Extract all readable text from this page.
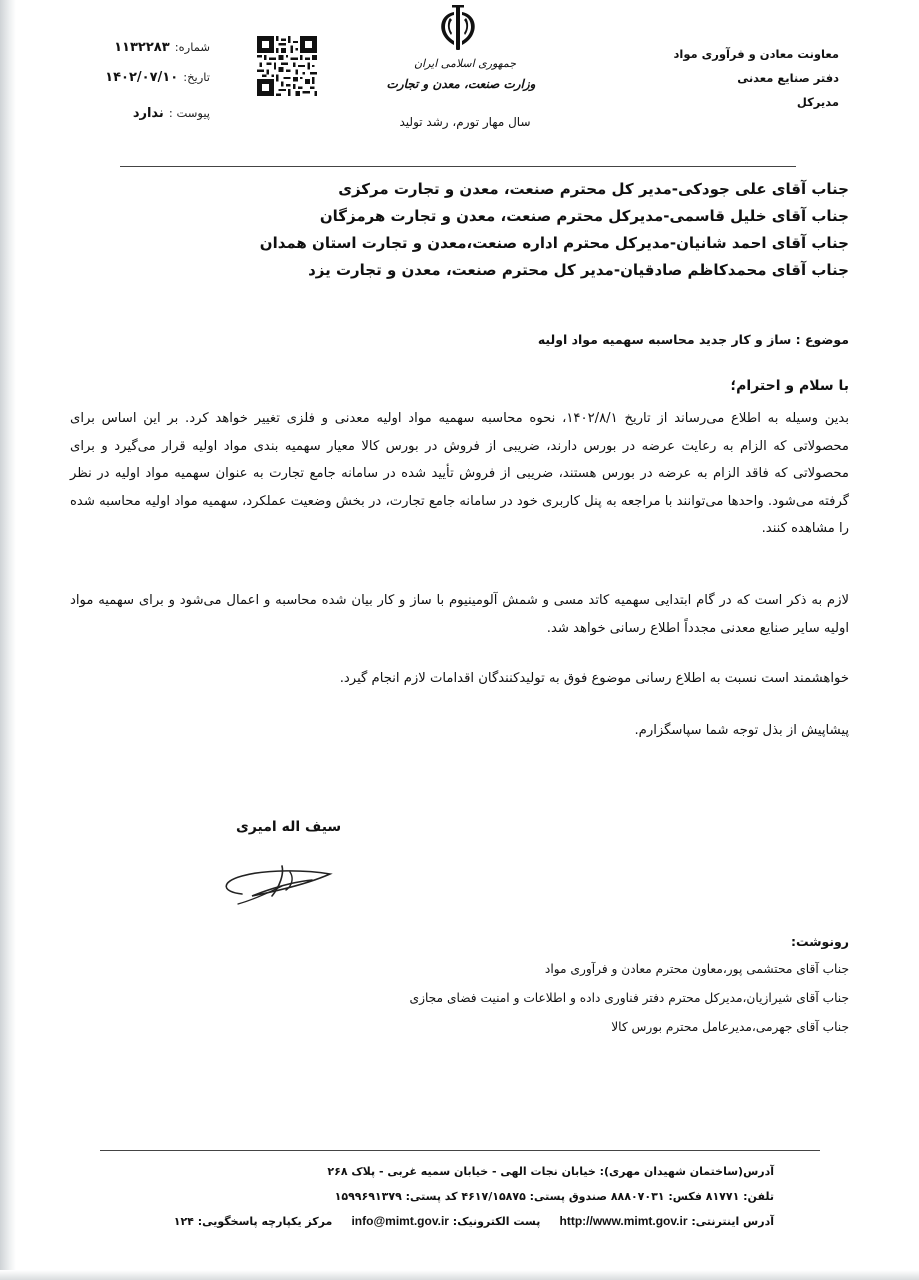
معاونت معادن و فرآوری مواد
دفتر صنایع معدنی
مدیرکل
جمهوری اسلامی ایران
وزارت صنعت، معدن و تجارت
سال مهار تورم، رشد تولید
شماره: ۱۱۳۲۲۸۳
تاریخ: ۱۴۰۲/۰۷/۱۰
پیوست : ندارد
جناب آقای علی جودکی-مدیر کل محترم صنعت، معدن و تجارت مرکزی
جناب آقای خلیل قاسمی-مدیرکل محترم صنعت، معدن و تجارت هرمزگان
جناب آقای احمد شانیان-مدیرکل محترم اداره صنعت،معدن و تجارت استان همدان
جناب آقای محمدکاظم صادقیان-مدیر کل محترم صنعت، معدن و تجارت یزد
موضوع : ساز و کار جدید محاسبه سهمیه مواد اولیه
با سلام و احترام؛
بدین وسیله به اطلاع می‌رساند از تاریخ ۱۴۰۲/۸/۱، نحوه محاسبه سهمیه مواد اولیه معدنی و فلزی تغییر خواهد کرد. بر این اساس برای محصولاتی که الزام به رعایت عرضه در بورس دارند، ضریبی از فروش در بورس کالا معیار سهمیه بندی مواد اولیه قرار می‌گیرد و برای محصولاتی که فاقد الزام به عرضه در بورس هستند، ضریبی از فروش تأیید شده در سامانه جامع تجارت به عنوان سهمیه مواد اولیه در نظر گرفته می‌شود. واحدها می‌توانند با مراجعه به پنل کاربری خود در سامانه جامع تجارت، در بخش وضعیت عملکرد، سهمیه مواد اولیه محاسبه شده را مشاهده کنند.
لازم به ذکر است که در گام ابتدایی سهمیه کاتد مسی و شمش آلومینیوم با ساز و کار بیان شده محاسبه و اعمال می‌شود و برای سهمیه مواد اولیه سایر صنایع معدنی مجدداً اطلاع رسانی خواهد شد.
خواهشمند است نسبت به اطلاع رسانی موضوع فوق به تولیدکنندگان اقدامات لازم انجام گیرد.
پیشاپیش از بذل توجه شما سپاسگزارم.
سیف اله امیری
رونوشت:
جناب آقای محتشمی پور،معاون محترم معادن و فرآوری مواد
جناب آقای شیرازیان،مدیرکل محترم دفتر فناوری داده و اطلاعات و امنیت فضای مجازی
جناب آقای جهرمی،مدیرعامل محترم بورس کالا
آدرس(ساختمان شهیدان مهری): خیابان نجات الهی - خیابان سمیه غربی - پلاک ۲۶۸
تلفن: ۸۱۷۷۱ فکس: ۸۸۸۰۷۰۳۱ صندوق پستی: ۴۶۱۷/۱۵۸۷۵ کد پستی: ۱۵۹۹۶۹۱۳۷۹
آدرس اینترنتی: http://www.mimt.gov.ir     پست الکترونیک: info@mimt.gov.ir     مرکز یکپارچه پاسخگویی: ۱۲۴
